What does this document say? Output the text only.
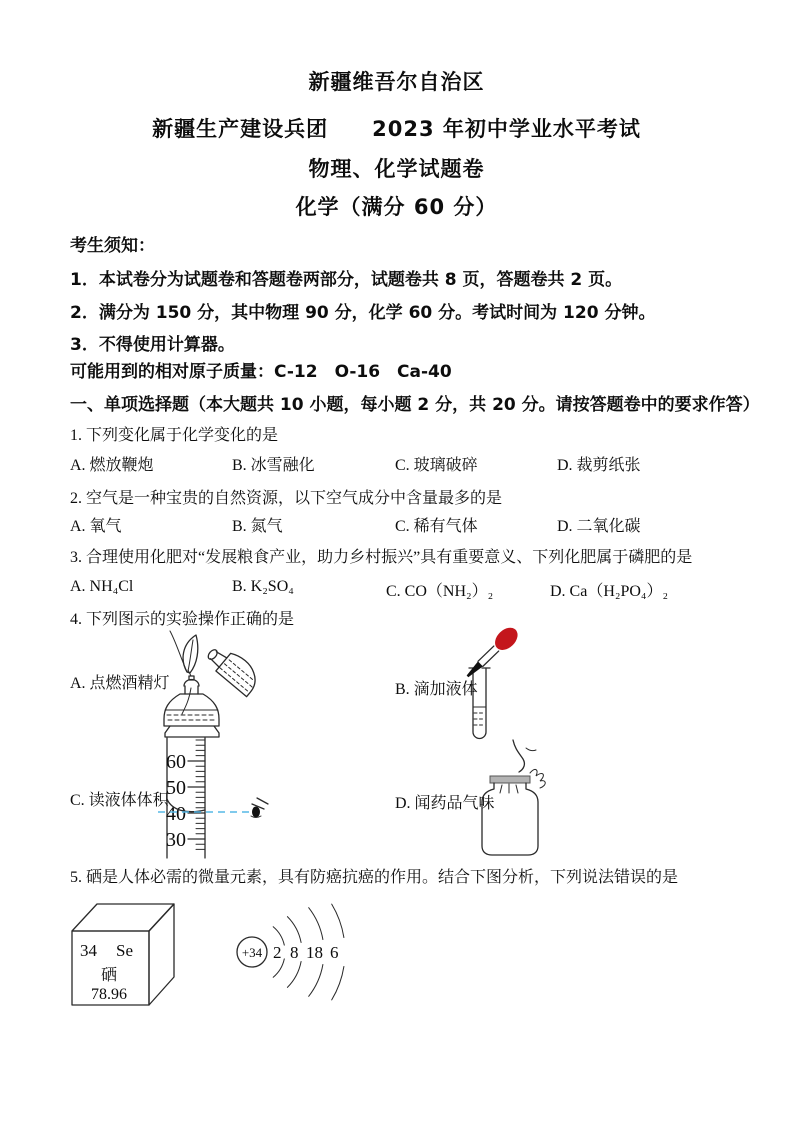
新疆维吾尔自治区
新疆生产建设兵团　　2023 年初中学业水平考试
物理、化学试题卷
化学（满分 60 分）
考生须知：
1．本试卷分为试题卷和答题卷两部分，试题卷共 8 页，答题卷共 2 页。
2．满分为 150 分，其中物理 90 分，化学 60 分。考试时间为 120 分钟。
3．不得使用计算器。
可能用到的相对原子质量：C-12　O-16　Ca-40
一、单项选择题（本大题共 10 小题，每小题 2 分，共 20 分。请按答题卷中的要求作答）
1. 下列变化属于化学变化的是
A. 燃放鞭炮	B. 冰雪融化	C. 玻璃破碎	D. 裁剪纸张
2. 空气是一种宝贵的自然资源，以下空气成分中含量最多的是
A. 氧气	B. 氮气	C. 稀有气体	D. 二氧化碳
3. 合理使用化肥对“发展粮食产业，助力乡村振兴”具有重要意义、下列化肥属于磷肥的是
A. NH₄Cl	B. K₂SO₄	C. CO（NH₂）₂	D. Ca（H₂PO₄）₂
4. 下列图示的实验操作正确的是
A. 点燃酒精灯	B. 滴加液体
C. 读液体体积	D. 闻药品气味
60
50
40
30
5. 硒是人体必需的微量元素，具有防癌抗癌的作用。结合下图分析，下列说法错误的是
34 Se
硒
78.96
+34 2 8 18 6
